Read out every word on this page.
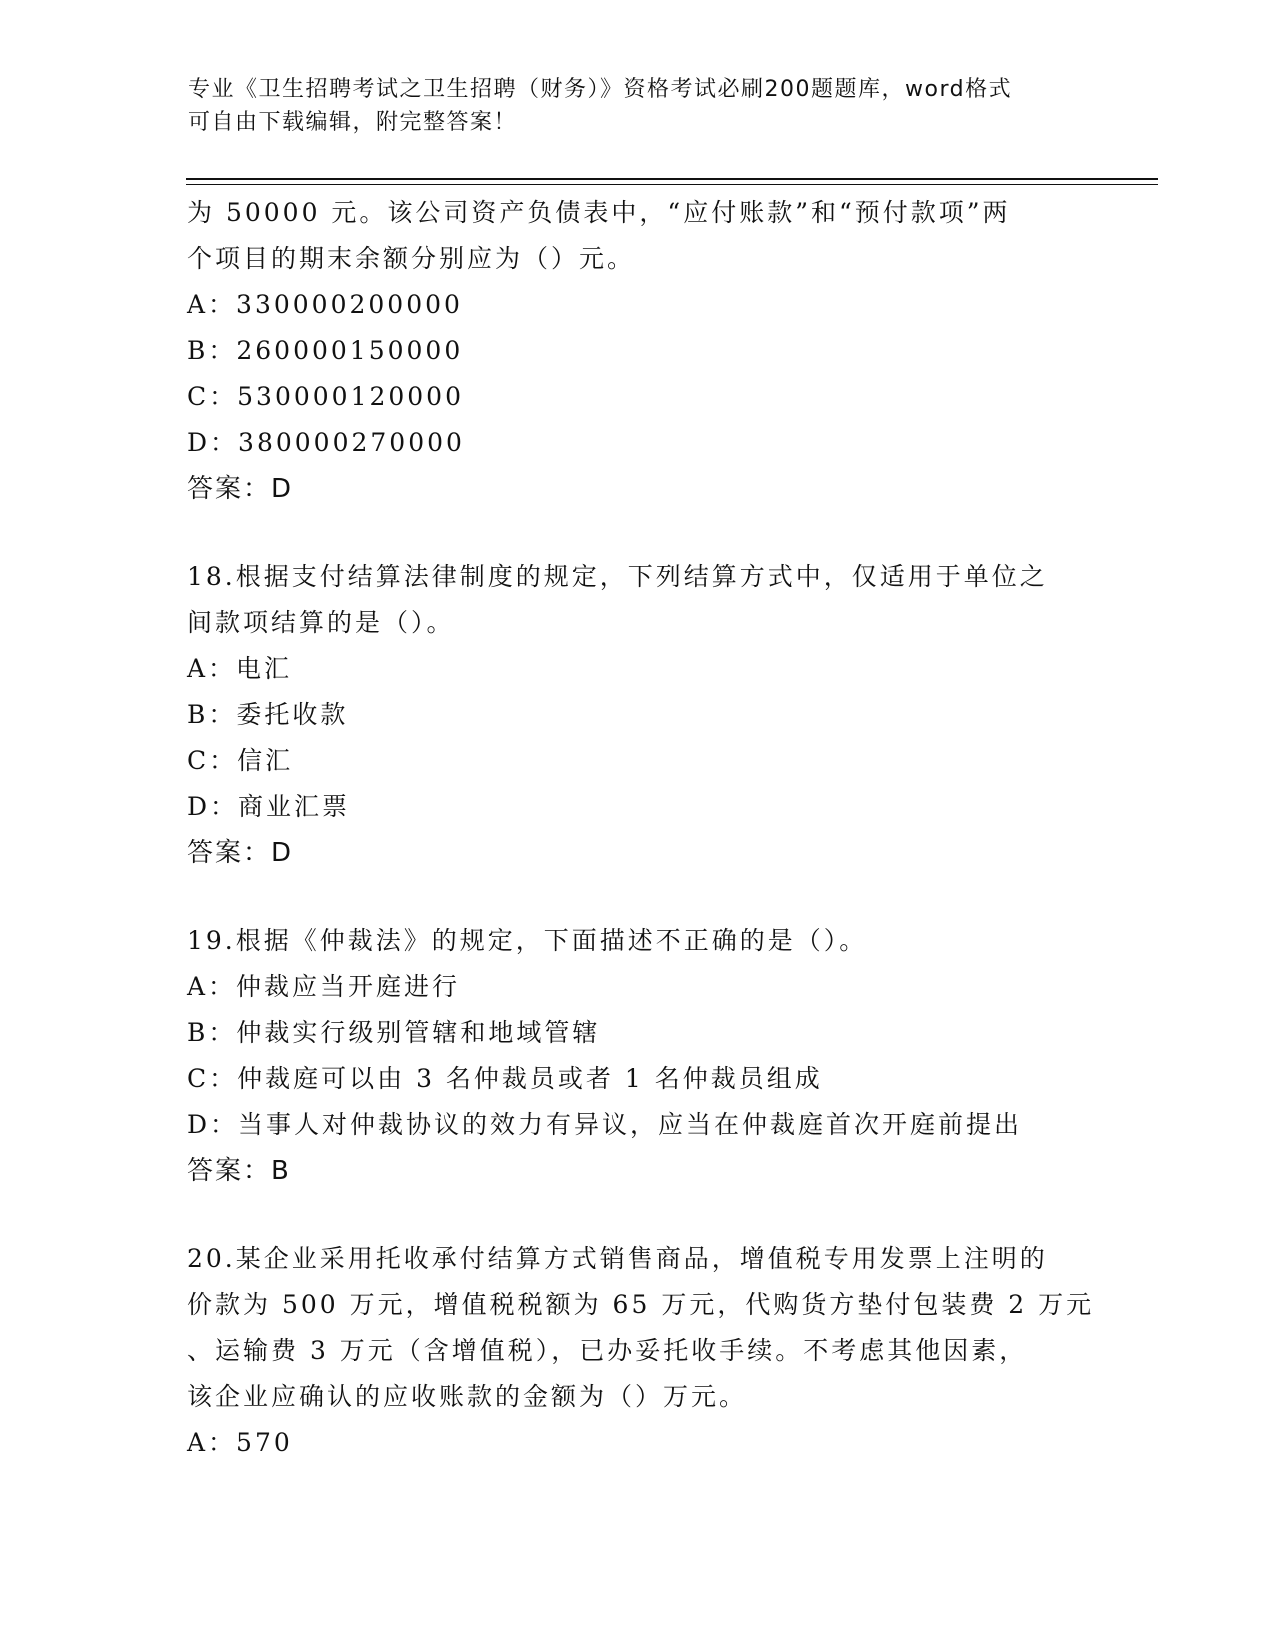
专业《卫生招聘考试之卫生招聘（财务）》资格考试必刷200题题库，word格式
可自由下载编辑，附完整答案！
为 50000 元。该公司资产负债表中，“应付账款”和“预付款项”两
个项目的期末余额分别应为（）元。
A：330000200000
B：260000150000
C：530000120000
D：380000270000
答案：D
18.根据支付结算法律制度的规定，下列结算方式中，仅适用于单位之
间款项结算的是（）。
A：电汇
B：委托收款
C：信汇
D：商业汇票
答案：D
19.根据《仲裁法》的规定，下面描述不正确的是（）。
A：仲裁应当开庭进行
B：仲裁实行级别管辖和地域管辖
C：仲裁庭可以由 3 名仲裁员或者 1 名仲裁员组成
D：当事人对仲裁协议的效力有异议，应当在仲裁庭首次开庭前提出
答案：B
20.某企业采用托收承付结算方式销售商品，增值税专用发票上注明的
价款为 500 万元，增值税税额为 65 万元，代购货方垫付包装费 2 万元
、运输费 3 万元（含增值税），已办妥托收手续。不考虑其他因素，
该企业应确认的应收账款的金额为（）万元。
A：570
